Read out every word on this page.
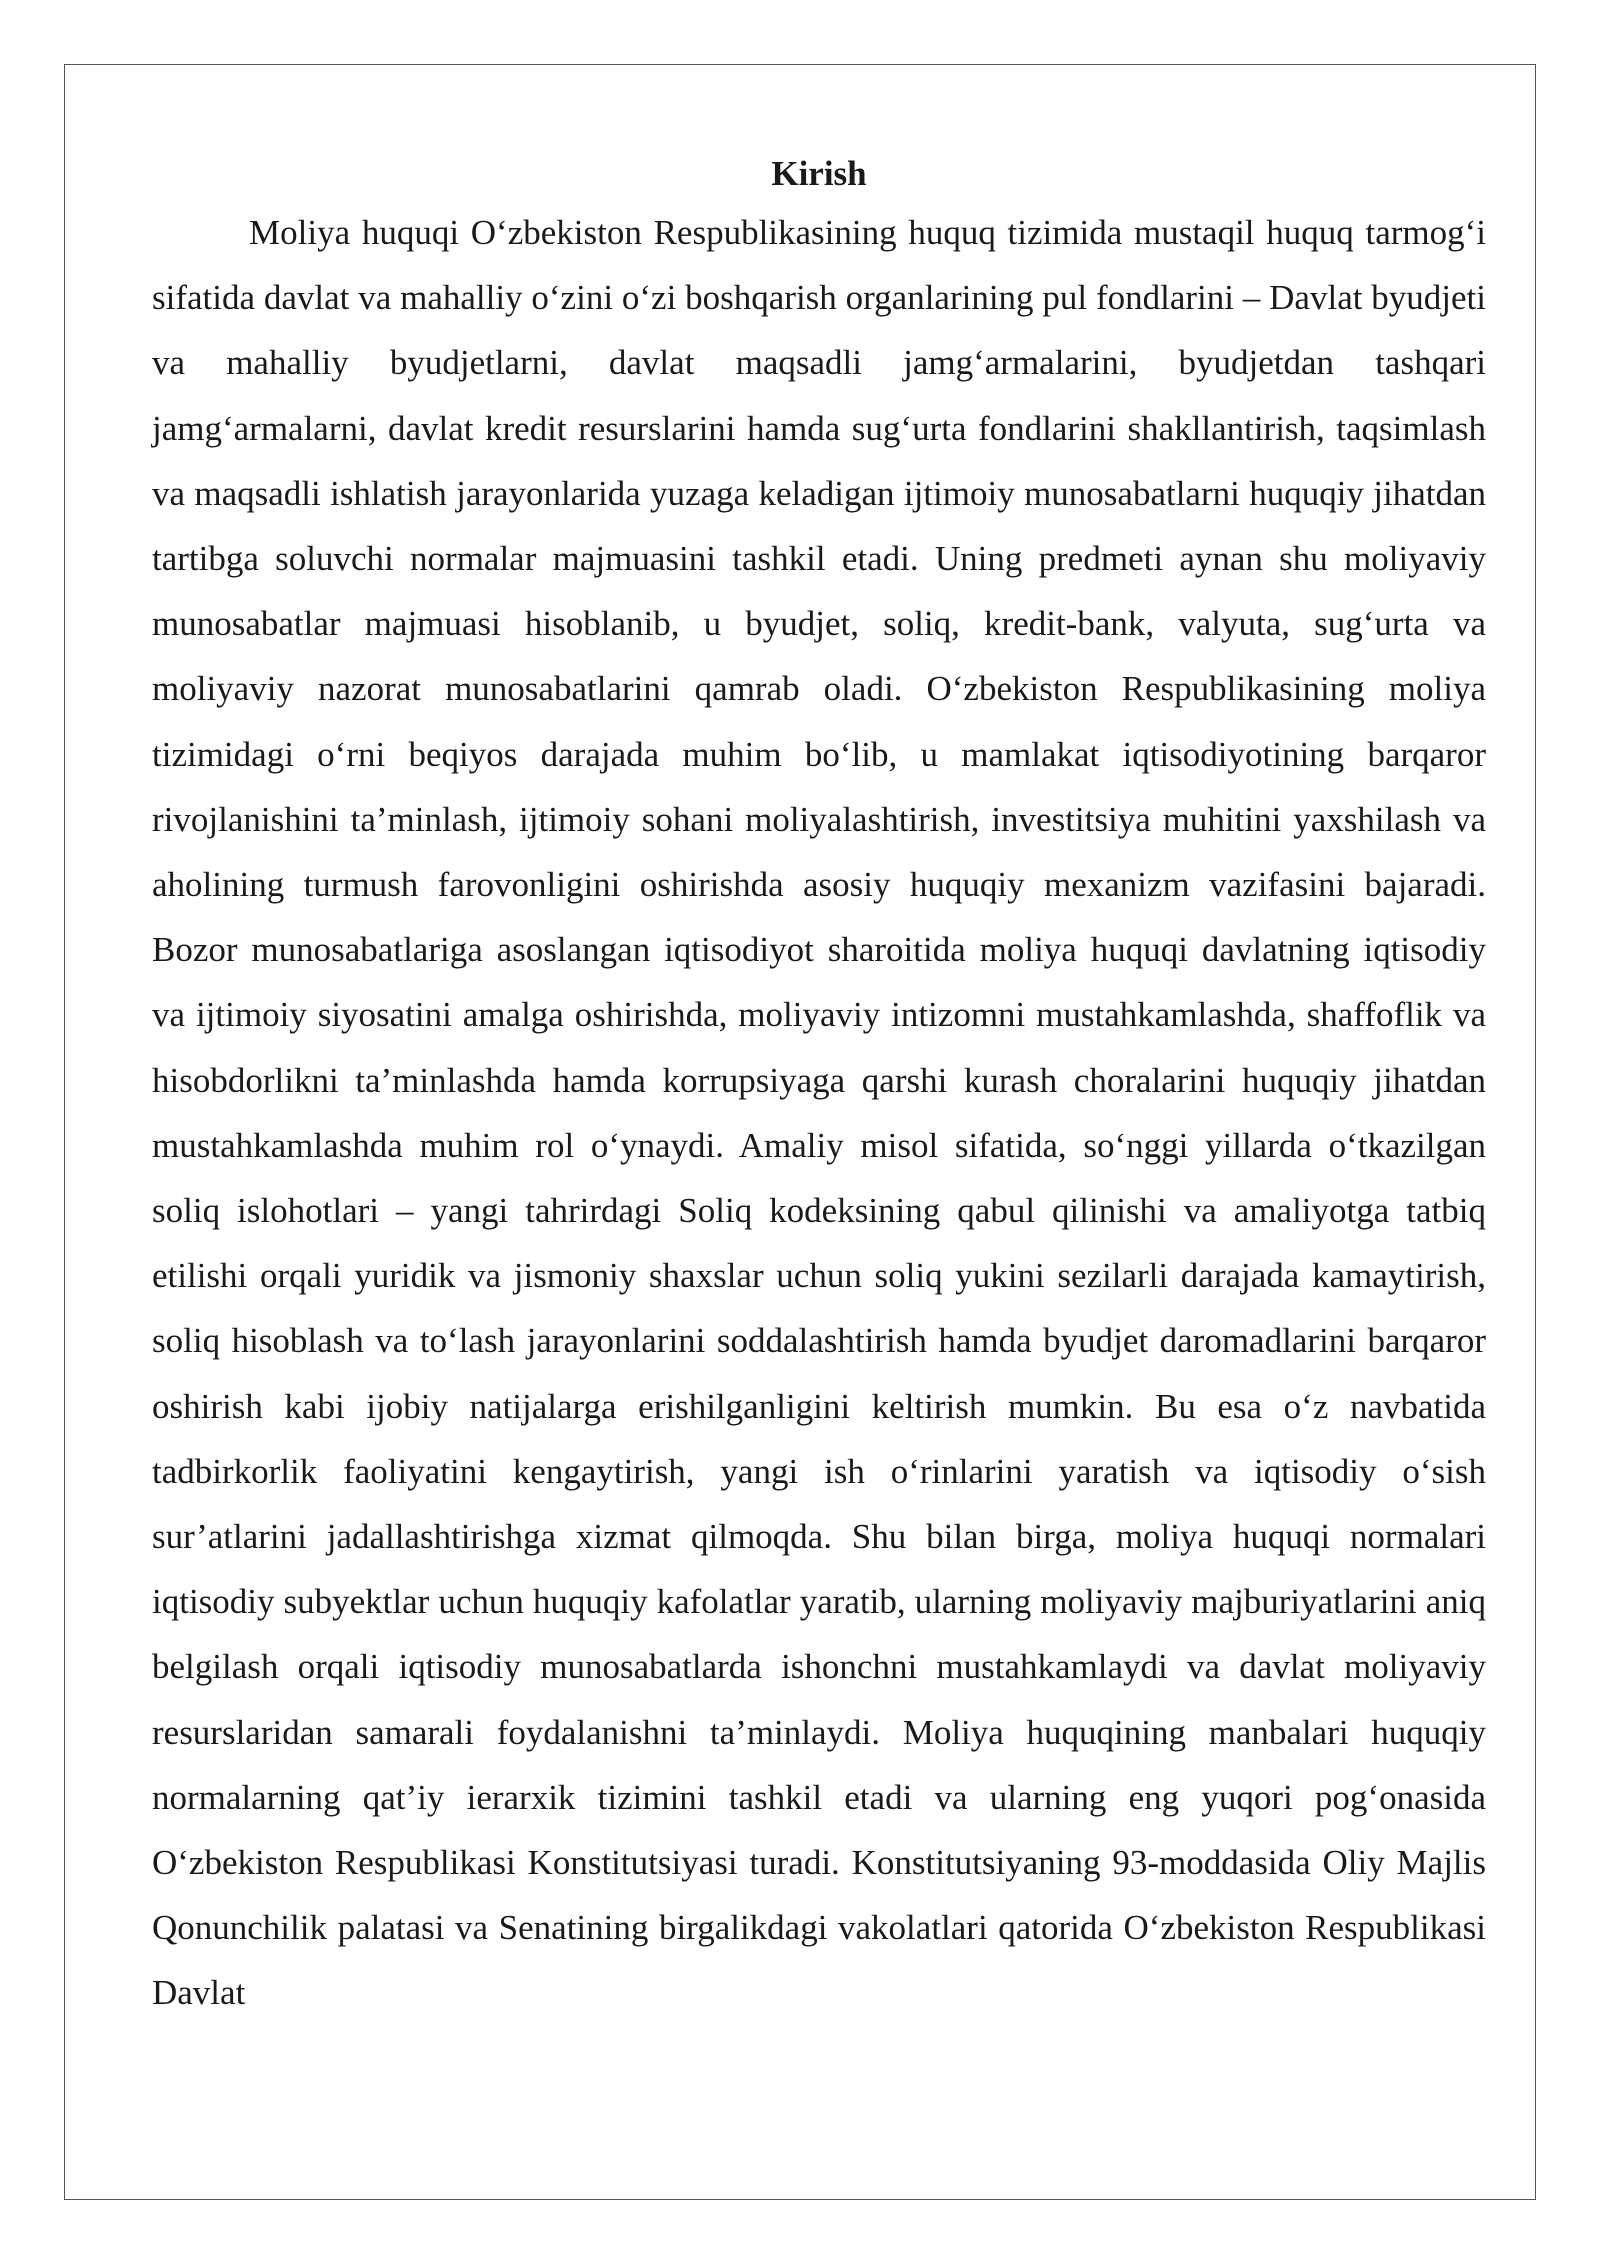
Kirish

Moliya huquqi O‘zbekiston Respublikasining huquq tizimida mustaqil huquq tarmog‘i sifatida davlat va mahalliy o‘zini o‘zi boshqarish organlarining pul fondlarini – Davlat byudjeti va mahalliy byudjetlarni, davlat maqsadli jamg‘armalarini, byudjetdan tashqari jamg‘armalarni, davlat kredit resurslarini hamda sug‘urta fondlarini shakllantirish, taqsimlash va maqsadli ishlatish jarayonlarida yuzaga keladigan ijtimoiy munosabatlarni huquqiy jihatdan tartibga soluvchi normalar majmuasini tashkil etadi. Uning predmeti aynan shu moliyaviy munosabatlar majmuasi hisoblanib, u byudjet, soliq, kredit-bank, valyuta, sug‘urta va moliyaviy nazorat munosabatlarini qamrab oladi. O‘zbekiston Respublikasining moliya tizimidagi o‘rni beqiyos darajada muhim bo‘lib, u mamlakat iqtisodiyotining barqaror rivojlanishini ta’minlash, ijtimoiy sohani moliyalashtirish, investitsiya muhitini yaxshilash va aholining turmush farovonligini oshirishda asosiy huquqiy mexanizm vazifasini bajaradi. Bozor munosabatlariga asoslangan iqtisodiyot sharoitida moliya huquqi davlatning iqtisodiy va ijtimoiy siyosatini amalga oshirishda, moliyaviy intizomni mustahkamlashda, shaffoflik va hisobdorlikni ta’minlashda hamda korrupsiyaga qarshi kurash choralarini huquqiy jihatdan mustahkamlashda muhim rol o‘ynaydi. Amaliy misol sifatida, so‘nggi yillarda o‘tkazilgan soliq islohotlari – yangi tahrirdagi Soliq kodeksining qabul qilinishi va amaliyotga tatbiq etilishi orqali yuridik va jismoniy shaxslar uchun soliq yukini sezilarli darajada kamaytirish, soliq hisoblash va to‘lash jarayonlarini soddalashtirish hamda byudjet daromadlarini barqaror oshirish kabi ijobiy natijalarga erishilganligini keltirish mumkin. Bu esa o‘z navbatida tadbirkorlik faoliyatini kengaytirish, yangi ish o‘rinlarini yaratish va iqtisodiy o‘sish sur’atlarini jadallashtirishga xizmat qilmoqda. Shu bilan birga, moliya huquqi normalari iqtisodiy subyektlar uchun huquqiy kafolatlar yaratib, ularning moliyaviy majburiyatlarini aniq belgilash orqali iqtisodiy munosabatlarda ishonchni mustahkamlaydi va davlat moliyaviy resurslaridan samarali foydalanishni ta’minlaydi. Moliya huquqining manbalari huquqiy normalarning qat’iy ierarxik tizimini tashkil etadi va ularning eng yuqori pog‘onasida O‘zbekiston Respublikasi Konstitutsiyasi turadi. Konstitutsiyaning 93-moddasida Oliy Majlis Qonunchilik palatasi va Senatining birgalikdagi vakolatlari qatorida O‘zbekiston Respublikasi Davlat
